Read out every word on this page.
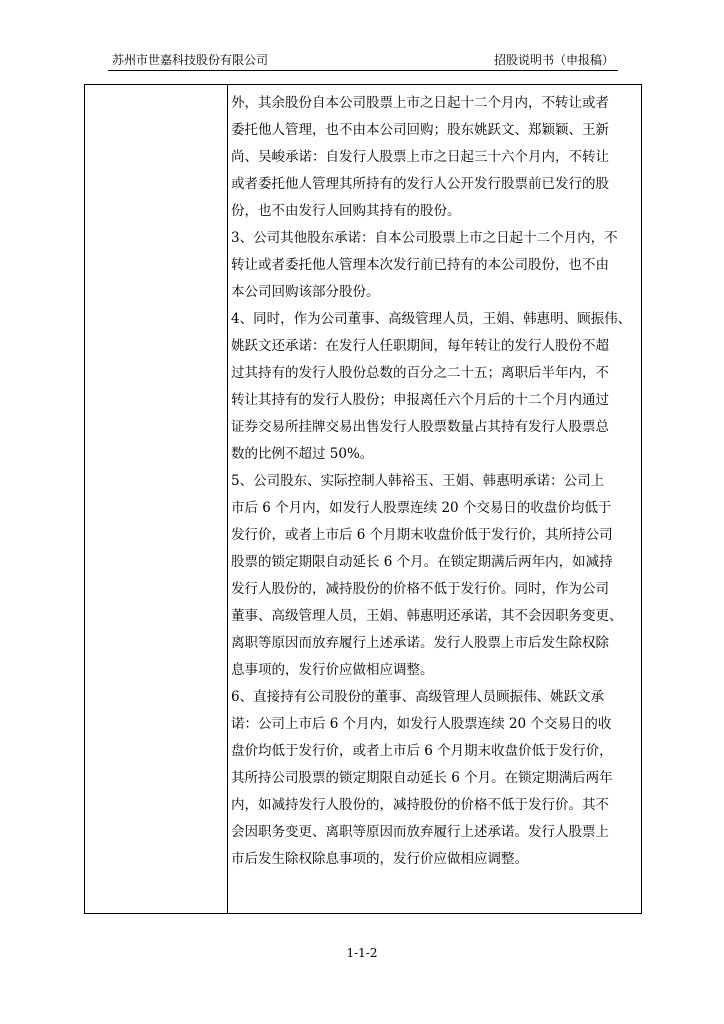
苏州市世嘉科技股份有限公司	招股说明书（申报稿）
外，其余股份自本公司股票上市之日起十二个月内，不转让或者
委托他人管理，也不由本公司回购；股东姚跃文、郑颖颖、王新
尚、吴峻承诺：自发行人股票上市之日起三十六个月内，不转让
或者委托他人管理其所持有的发行人公开发行股票前已发行的股
份，也不由发行人回购其持有的股份。
3、公司其他股东承诺：自本公司股票上市之日起十二个月内，不
转让或者委托他人管理本次发行前已持有的本公司股份，也不由
本公司回购该部分股份。
4、同时，作为公司董事、高级管理人员，王娟、韩惠明、顾振伟、
姚跃文还承诺：在发行人任职期间，每年转让的发行人股份不超
过其持有的发行人股份总数的百分之二十五；离职后半年内，不
转让其持有的发行人股份；申报离任六个月后的十二个月内通过
证券交易所挂牌交易出售发行人股票数量占其持有发行人股票总
数的比例不超过 50%。
5、公司股东、实际控制人韩裕玉、王娟、韩惠明承诺：公司上
市后 6 个月内，如发行人股票连续 20 个交易日的收盘价均低于
发行价，或者上市后 6 个月期末收盘价低于发行价，其所持公司
股票的锁定期限自动延长 6 个月。在锁定期满后两年内，如减持
发行人股份的，减持股份的价格不低于发行价。同时，作为公司
董事、高级管理人员，王娟、韩惠明还承诺，其不会因职务变更、
离职等原因而放弃履行上述承诺。发行人股票上市后发生除权除
息事项的，发行价应做相应调整。
6、直接持有公司股份的董事、高级管理人员顾振伟、姚跃文承
诺：公司上市后 6 个月内，如发行人股票连续 20 个交易日的收
盘价均低于发行价，或者上市后 6 个月期末收盘价低于发行价，
其所持公司股票的锁定期限自动延长 6 个月。在锁定期满后两年
内，如减持发行人股份的，减持股份的价格不低于发行价。其不
会因职务变更、离职等原因而放弃履行上述承诺。发行人股票上
市后发生除权除息事项的，发行价应做相应调整。
1-1-2
